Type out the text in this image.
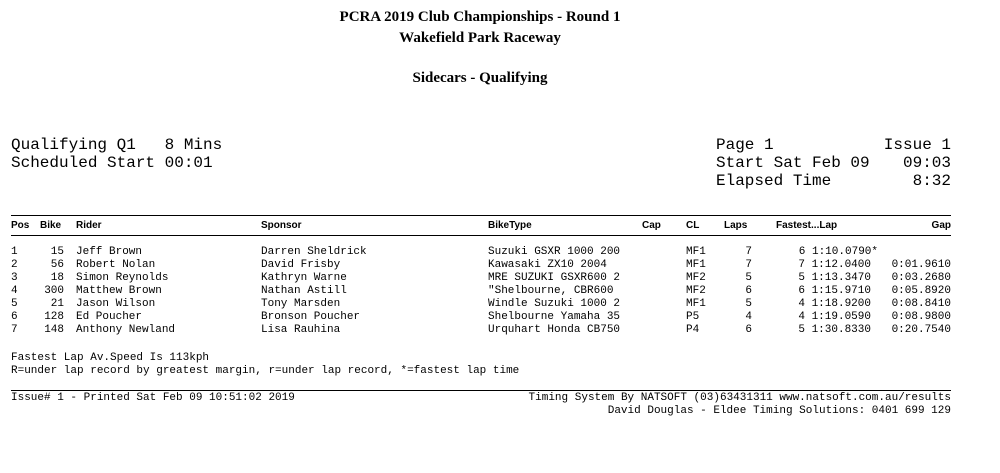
PCRA 2019 Club Championships - Round 1
Wakefield Park Raceway
Sidecars - Qualifying
Qualifying Q1   8 Mins
Scheduled Start 00:01
Page 1	Issue 1
Start Sat Feb 09	09:03
Elapsed Time	8:32
Pos Bike Rider	Sponsor	BikeType	Cap	CL Laps	Fastest...Lap	Gap
1	15 Jeff Brown	Darren Sheldrick	Suzuki GSXR 1000 200	MF1	7	6 1:10.0790*
2	56 Robert Nolan	David Frisby	Kawasaki ZX10 2004	MF1	7	7 1:12.0400	0:01.9610
3	18 Simon Reynolds	Kathryn Warne	MRE SUZUKI GSXR600 2	MF2	5	5 1:13.3470	0:03.2680
4	300 Matthew Brown	Nathan Astill	"Shelbourne, CBR600	MF2	6	6 1:15.9710	0:05.8920
5	21 Jason Wilson	Tony Marsden	Windle Suzuki 1000 2	MF1	5	4 1:18.9200	0:08.8410
6	128 Ed Poucher	Bronson Poucher	Shelbourne Yamaha 35	P5	4	4 1:19.0590	0:08.9800
7	148 Anthony Newland	Lisa Rauhina	Urquhart Honda CB750	P4	6	5 1:30.8330	0:20.7540
Fastest Lap Av.Speed Is 113kph
R=under lap record by greatest margin, r=under lap record, *=fastest lap time
Issue# 1 - Printed Sat Feb 09 10:51:02 2019	Timing System By NATSOFT (03)63431311 www.natsoft.com.au/results
David Douglas - Eldee Timing Solutions: 0401 699 129
